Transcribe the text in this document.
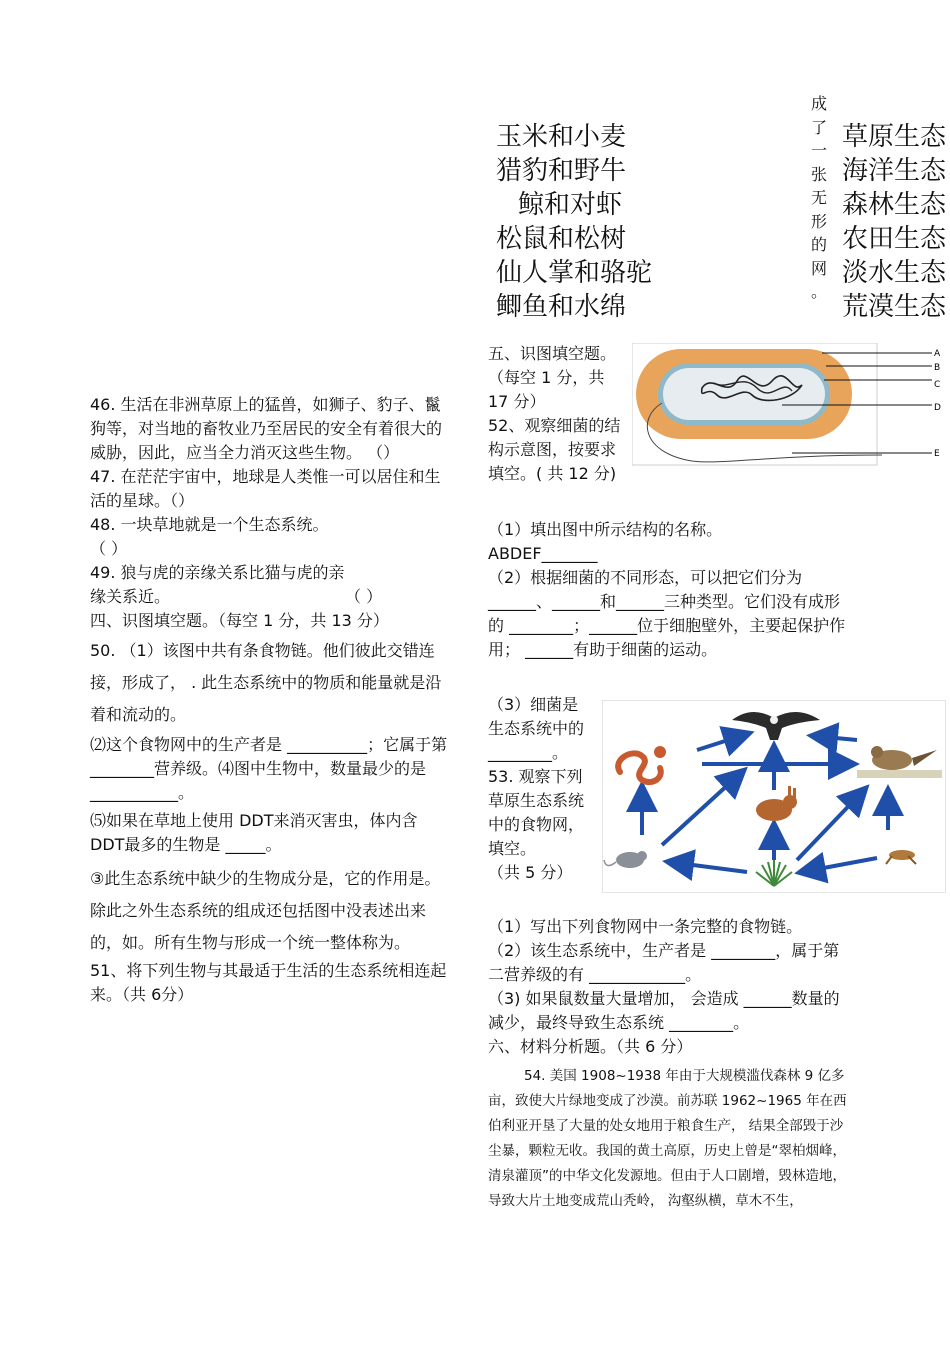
玉米和小麦
猎豹和野牛
鲸和对虾
松鼠和松树
仙人掌和骆驼
鲫鱼和水绵
成
了
一
张
无
形
的
网
。
草原生态
海洋生态
森林生态
农田生态
淡水生态
荒漠生态
46. 生活在非洲草原上的猛兽，如狮子、豹子、鬣狗等，对当地的畜牧业乃至居民的安全有着很大的威胁，因此，应当全力消灭这些生物。 （）
47. 在茫茫宇宙中，地球是人类惟一可以居住和生活的星球。（）
48. 一块草地就是一个生态系统。
（ ）
49. 狼与虎的亲缘关系比猫与虎的亲缘关系近。	（ ）
四、识图填空题。（每空 1 分，共 13 分）
50. （1）该图中共有条食物链。他们彼此交错连接，形成了， . 此生态系统中的物质和能量就是沿着和流动的。
⑵这个食物网中的生产者是 __________；它属于第 ________营养级。⑷图中生物中，数量最少的是 ___________。
⑸如果在草地上使用 DDT来消灭害虫，体内含 DDT最多的生物是 _____。
③此生态系统中缺少的生物成分是，它的作用是。除此之外生态系统的组成还包括图中没表述出来的，如。所有生物与形成一个统一整体称为。
51、将下列生物与其最适于生活的生态系统相连起来。（共 6分）
五、识图填空题。（每空 1 分，共 17 分）
52、观察细菌的结构示意图，按要求填空。( 共 12 分)
A
B
C
D
E
（1）填出图中所示结构的名称。
ABDEF_______
（2）根据细菌的不同形态，可以把它们分为______、______和______三种类型。它们没有成形的 ________；______位于细胞壁外，主要起保护作用； ______有助于细菌的运动。
（3）细菌是生态系统中的________。
53. 观察下列草原生态系统中的食物网，填空。
（共 5 分）
（1）写出下列食物网中一条完整的食物链。
（2）该生态系统中，生产者是 ________，属于第二营养级的有 ____________。
（3) 如果鼠数量大量增加， 会造成 ______数量的减少，最终导致生态系统 ________。
六、材料分析题。（共 6 分）
54. 美国 1908~1938 年由于大规模滥伐森林 9 亿多亩，致使大片绿地变成了沙漠。前苏联 1962~1965 年在西伯利亚开垦了大量的处女地用于粮食生产， 结果全部毁于沙尘暴，颗粒无收。我国的黄土高原，历史上曾是“翠柏烟峰，清泉灌顶”的中华文化发源地。但由于人口剧增，毁林造地，导致大片土地变成荒山秃岭， 沟壑纵横，草木不生，
